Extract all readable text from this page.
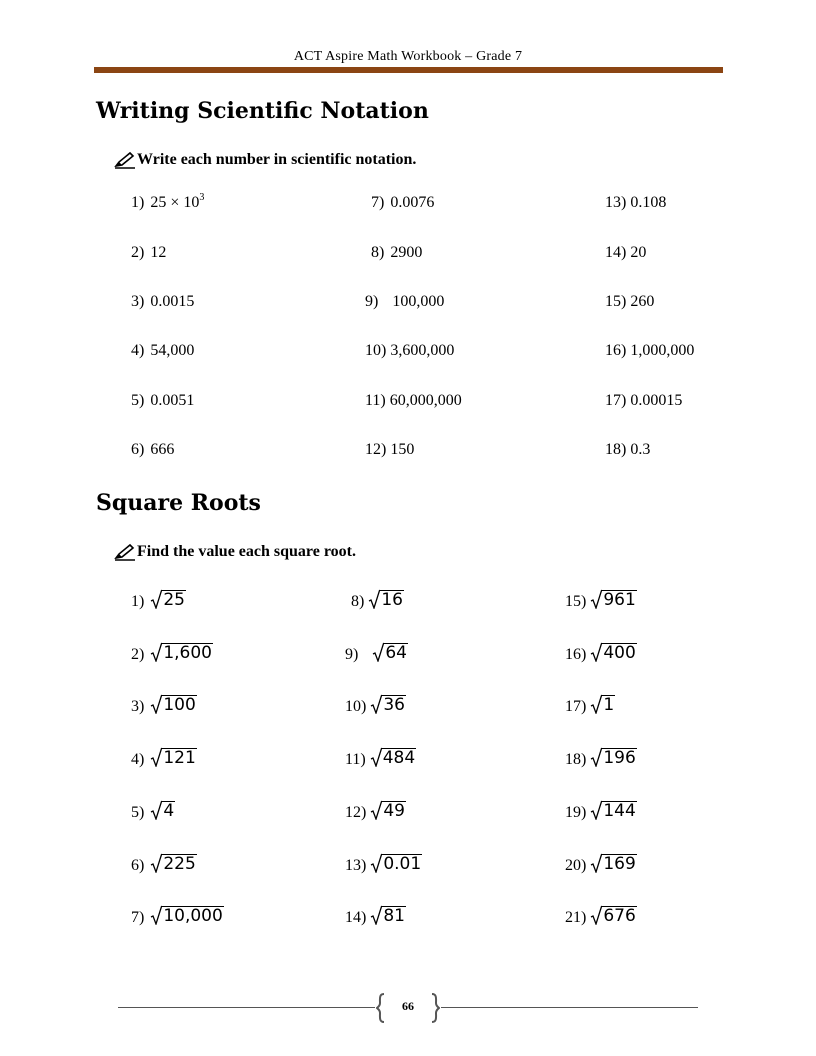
ACT Aspire Math Workbook – Grade 7
Writing Scientific Notation
Write each number in scientific notation.
1) $25 \times 10^3$
2) 12
3) 0.0015
4) 54,000
5) 0.0051
6) 666
7) 0.0076
8) 2900
9) 100,000
10) 3,600,000
11) 60,000,000
12) 150
13) 0.108
14) 20
15) 260
16) 1,000,000
17) 0.00015
18) 0.3
Square Roots
Find the value each square root.
1) 25
2) 1,600
3) 100
4) 121
5) 4
6) 225
7) 10,000
8) 16
9) 64
10) 36
11) 484
12) 49
13) 0.01
14) 81
15) 961
16) 400
17) 1
18) 196
19) 144
20) 169
21) 676
66
